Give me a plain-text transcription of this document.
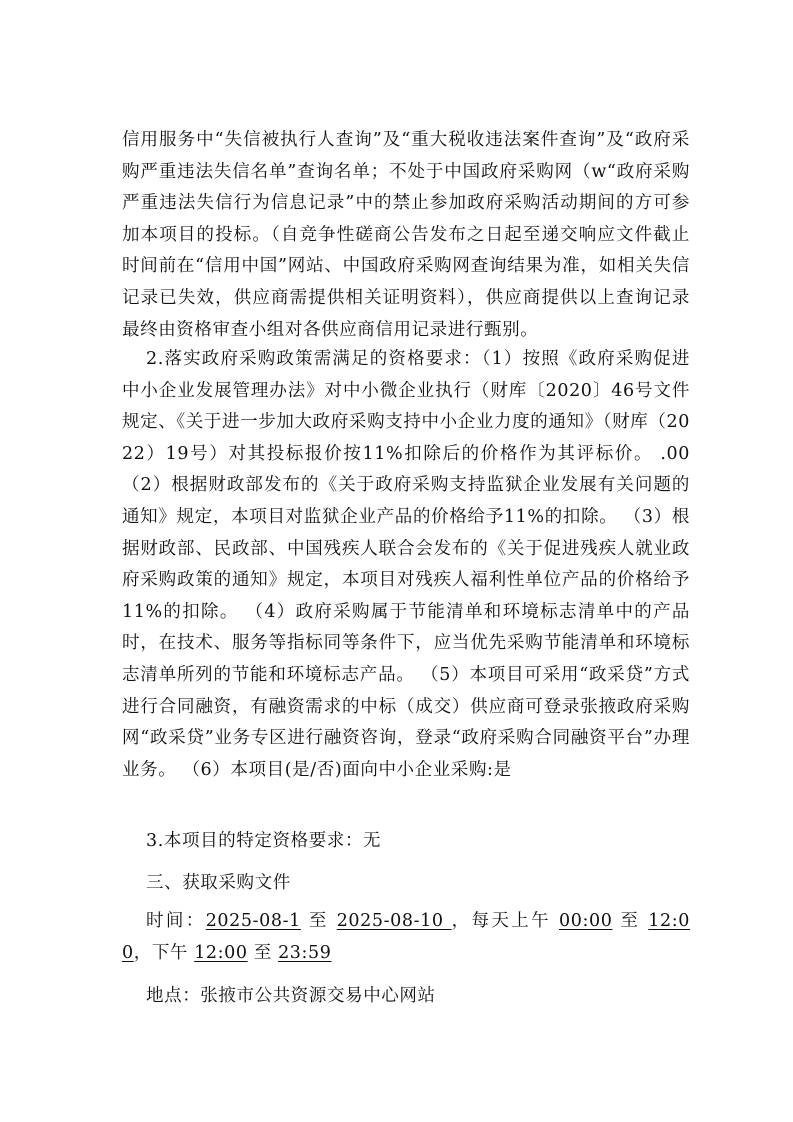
信用服务中“失信被执行人查询”及“重大税收违法案件查询”及“政府采购严重违法失信名单”查询名单；不处于中国政府采购网（w“政府采购严重违法失信行为信息记录”中的禁止参加政府采购活动期间的方可参加本项目的投标。（自竞争性磋商公告发布之日起至递交响应文件截止时间前在“信用中国”网站、中国政府采购网查询结果为准，如相关失信记录已失效，供应商需提供相关证明资料），供应商提供以上查询记录最终由资格审查小组对各供应商信用记录进行甄别。

2.落实政府采购政策需满足的资格要求：（1）按照《政府采购促进中小企业发展管理办法》对中小微企业执行（财库〔2020〕46号文件规定、《关于进一步加大政府采购支持中小企业力度的通知》（财库（2022）19号）对其投标报价按11%扣除后的价格作为其评标价。 .00（2）根据财政部发布的《关于政府采购支持监狱企业发展有关问题的通知》规定，本项目对监狱企业产品的价格给予11%的扣除。 （3）根据财政部、民政部、中国残疾人联合会发布的《关于促进残疾人就业政府采购政策的通知》规定，本项目对残疾人福利性单位产品的价格给予11%的扣除。 （4）政府采购属于节能清单和环境标志清单中的产品时，在技术、服务等指标同等条件下，应当优先采购节能清单和环境标志清单所列的节能和环境标志产品。 （5）本项目可采用“政采贷”方式进行合同融资，有融资需求的中标（成交）供应商可登录张掖政府采购网“政采贷”业务专区进行融资咨询，登录“政府采购合同融资平台”办理业务。 （6）本项目(是/否)面向中小企业采购:是

3.本项目的特定资格要求：无

三、获取采购文件

时间：2025-08-1 至 2025-08-10 ，每天上午 00:00 至 12:00，下午 12:00 至 23:59

地点：张掖市公共资源交易中心网站
